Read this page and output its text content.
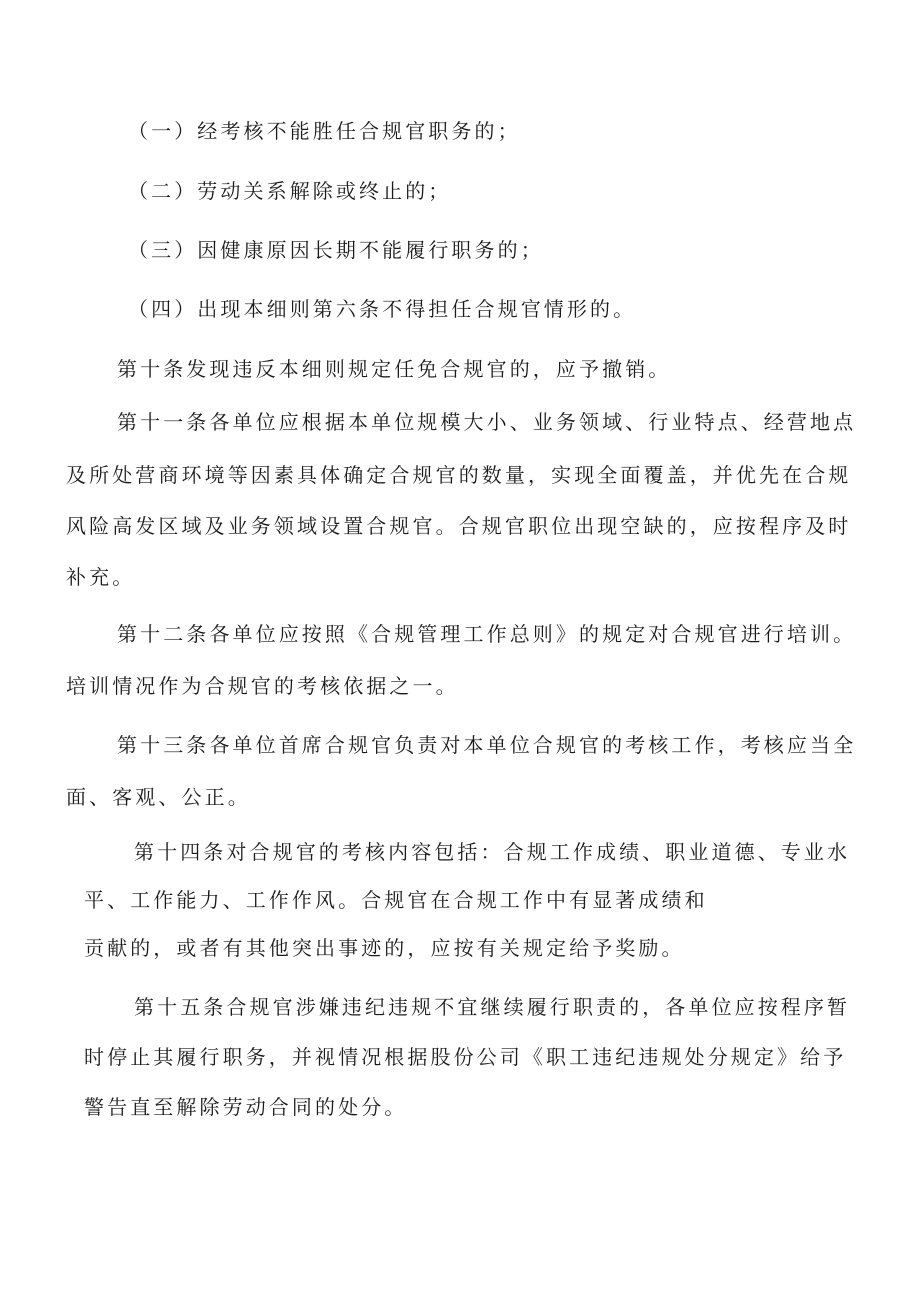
（一）经考核不能胜任合规官职务的；
（二）劳动关系解除或终止的；
（三）因健康原因长期不能履行职务的；
（四）出现本细则第六条不得担任合规官情形的。
第十条发现违反本细则规定任免合规官的，应予撤销。
第十一条各单位应根据本单位规模大小、业务领域、行业特点、经营地点
及所处营商环境等因素具体确定合规官的数量，实现全面覆盖，并优先在合规
风险高发区域及业务领域设置合规官。合规官职位出现空缺的，应按程序及时
补充。
第十二条各单位应按照《合规管理工作总则》的规定对合规官进行培训。
培训情况作为合规官的考核依据之一。
第十三条各单位首席合规官负责对本单位合规官的考核工作，考核应当全
面、客观、公正。
第十四条对合规官的考核内容包括：合规工作成绩、职业道德、专业水
平、工作能力、工作作风。合规官在合规工作中有显著成绩和
贡献的，或者有其他突出事迹的，应按有关规定给予奖励。
第十五条合规官涉嫌违纪违规不宜继续履行职责的，各单位应按程序暂
时停止其履行职务，并视情况根据股份公司《职工违纪违规处分规定》给予
警告直至解除劳动合同的处分。
